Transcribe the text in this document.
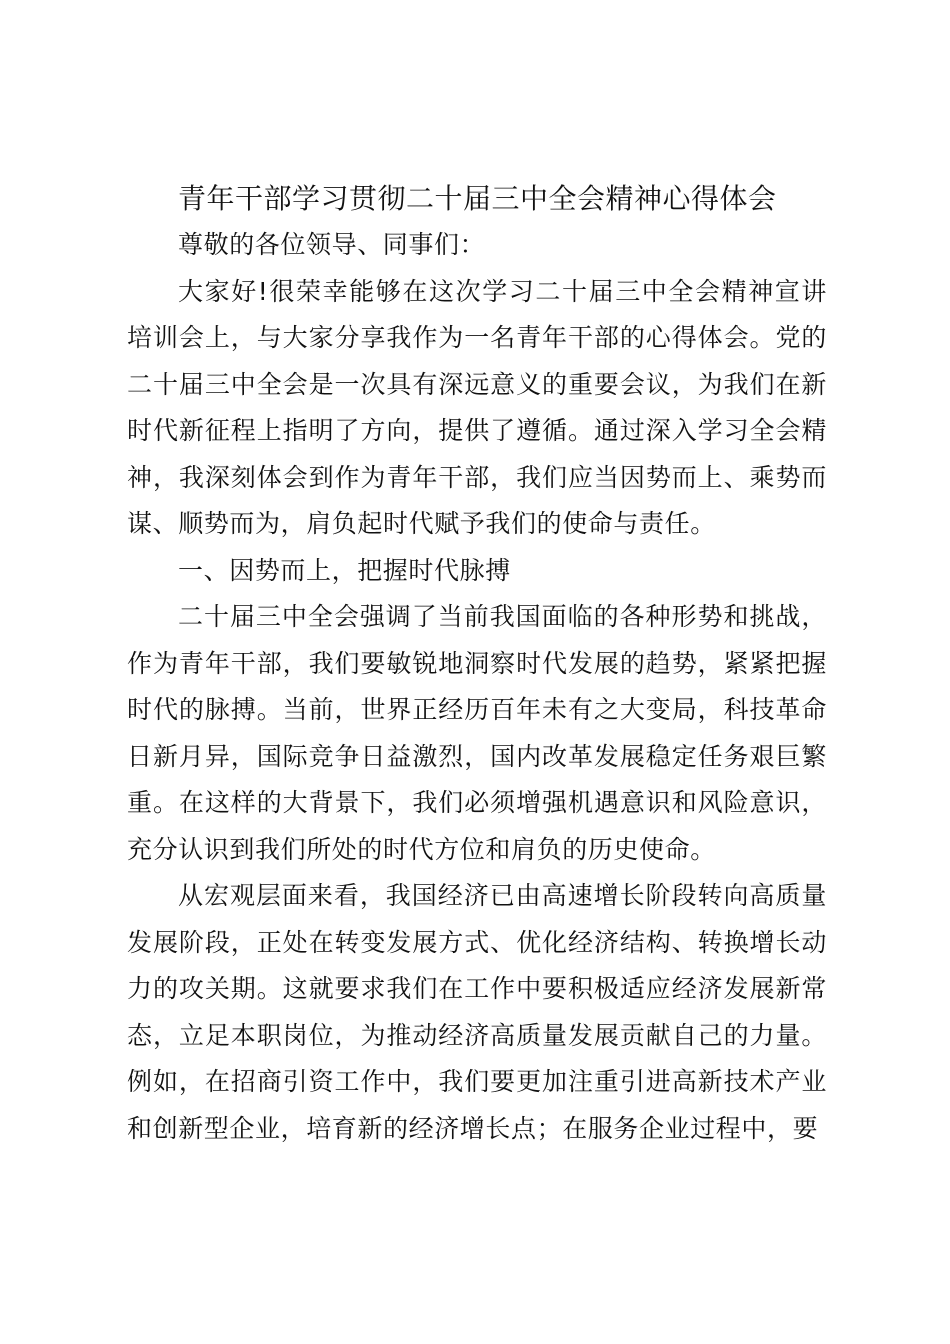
青年干部学习贯彻二十届三中全会精神心得体会

尊敬的各位领导、同事们：

大家好!很荣幸能够在这次学习二十届三中全会精神宣讲培训会上，与大家分享我作为一名青年干部的心得体会。党的二十届三中全会是一次具有深远意义的重要会议，为我们在新时代新征程上指明了方向，提供了遵循。通过深入学习全会精神，我深刻体会到作为青年干部，我们应当因势而上、乘势而谋、顺势而为，肩负起时代赋予我们的使命与责任。

一、因势而上，把握时代脉搏

二十届三中全会强调了当前我国面临的各种形势和挑战，作为青年干部，我们要敏锐地洞察时代发展的趋势，紧紧把握时代的脉搏。当前，世界正经历百年未有之大变局，科技革命日新月异，国际竞争日益激烈，国内改革发展稳定任务艰巨繁重。在这样的大背景下，我们必须增强机遇意识和风险意识，充分认识到我们所处的时代方位和肩负的历史使命。

从宏观层面来看，我国经济已由高速增长阶段转向高质量发展阶段，正处在转变发展方式、优化经济结构、转换增长动力的攻关期。这就要求我们在工作中要积极适应经济发展新常态，立足本职岗位，为推动经济高质量发展贡献自己的力量。例如，在招商引资工作中，我们要更加注重引进高新技术产业和创新型企业，培育新的经济增长点；在服务企业过程中，要
